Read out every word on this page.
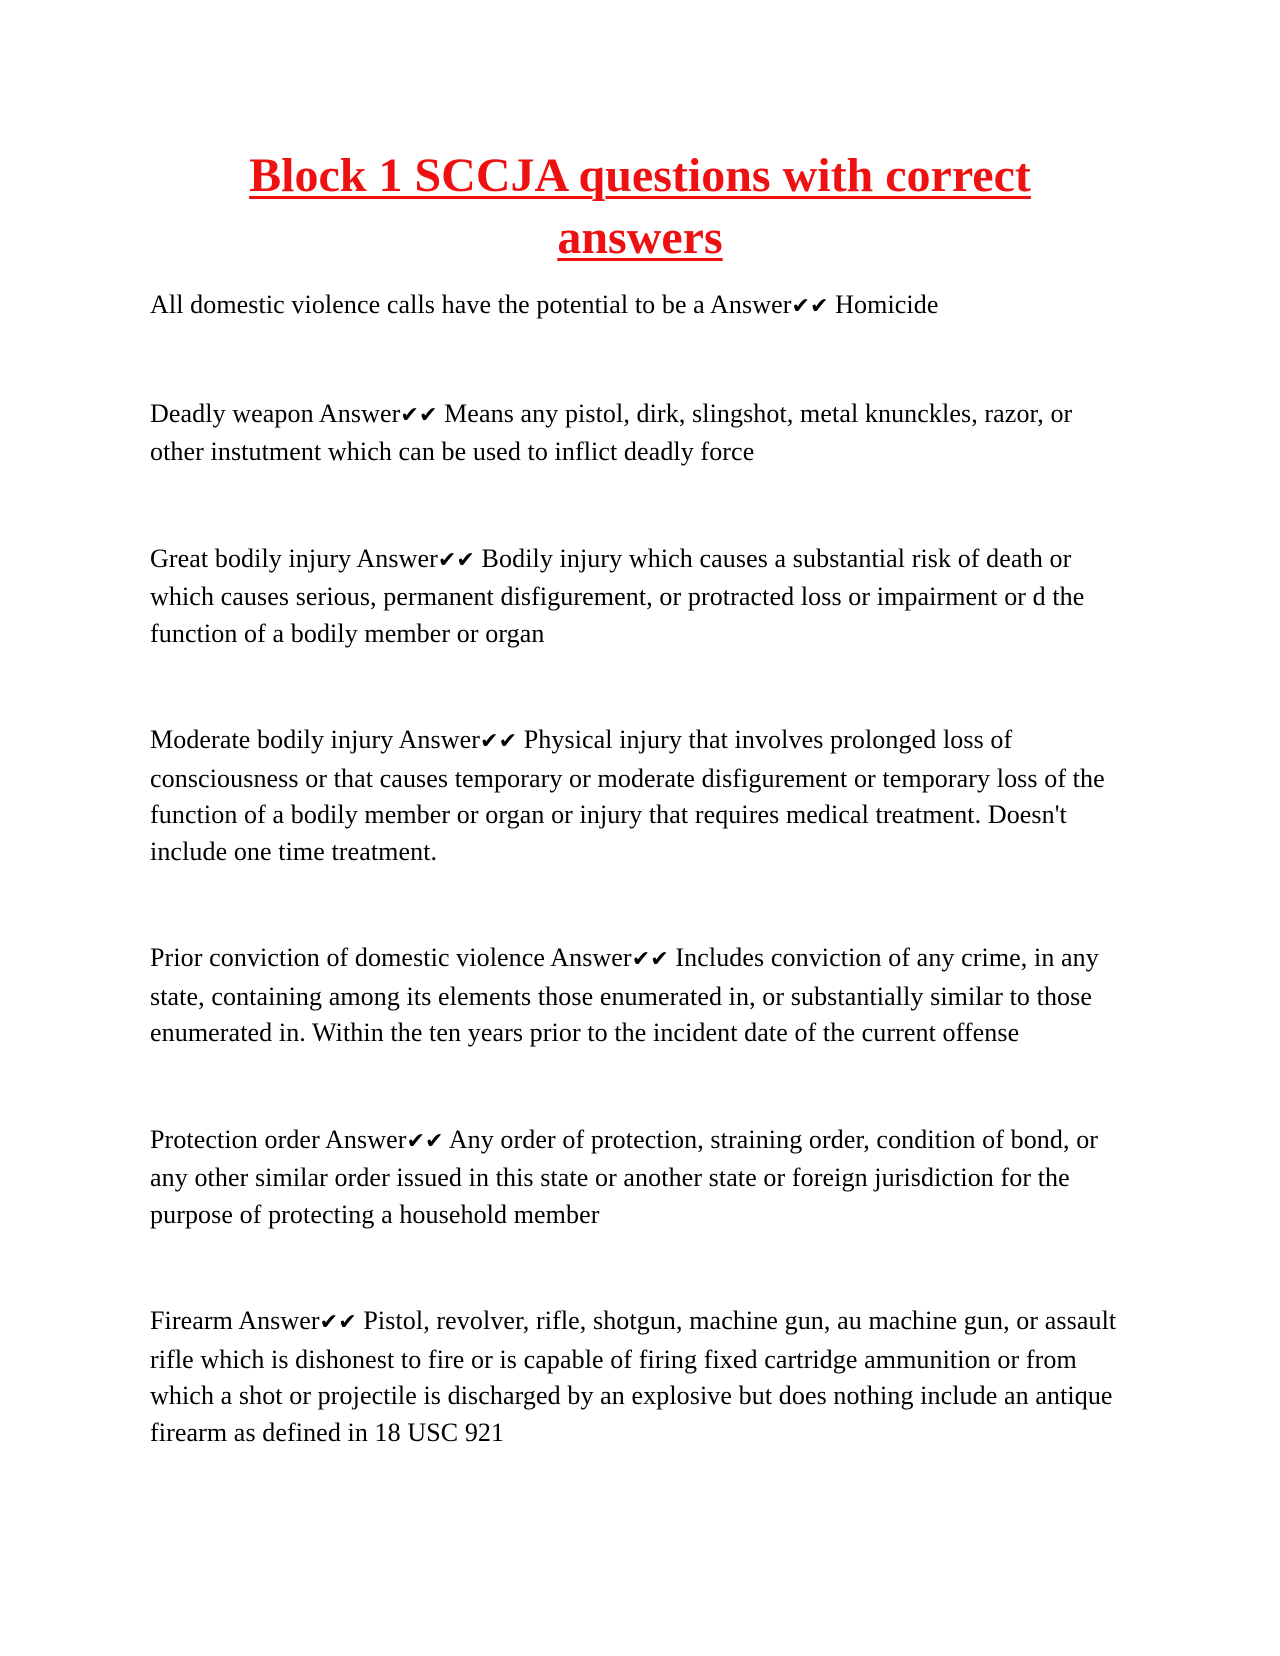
Block 1 SCCJA questions with correct answers

All domestic violence calls have the potential to be a Answer✔✔ Homicide

Deadly weapon Answer✔✔ Means any pistol, dirk, slingshot, metal knunckles, razor, or other instutment which can be used to inflict deadly force

Great bodily injury Answer✔✔ Bodily injury which causes a substantial risk of death or which causes serious, permanent disfigurement, or protracted loss or impairment or d the function of a bodily member or organ

Moderate bodily injury Answer✔✔ Physical injury that involves prolonged loss of consciousness or that causes temporary or moderate disfigurement or temporary loss of the function of a bodily member or organ or injury that requires medical treatment. Doesn't include one time treatment.

Prior conviction of domestic violence Answer✔✔ Includes conviction of any crime, in any state, containing among its elements those enumerated in, or substantially similar to those enumerated in. Within the ten years prior to the incident date of the current offense

Protection order Answer✔✔ Any order of protection, straining order, condition of bond, or any other similar order issued in this state or another state or foreign jurisdiction for the purpose of protecting a household member

Firearm Answer✔✔ Pistol, revolver, rifle, shotgun, machine gun, au machine gun, or assault rifle which is dishonest to fire or is capable of firing fixed cartridge ammunition or from which a shot or projectile is discharged by an explosive but does nothing include an antique firearm as defined in 18 USC 921
